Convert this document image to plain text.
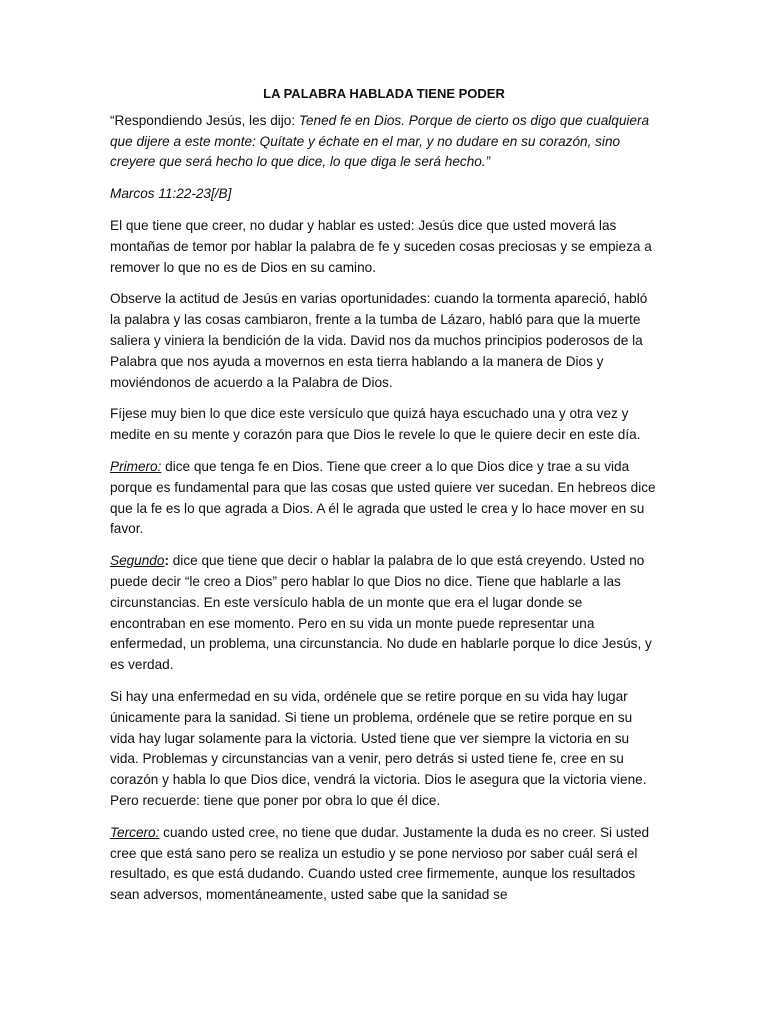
LA PALABRA HABLADA TIENE PODER

“Respondiendo Jesús, les dijo: Tened fe en Dios. Porque de cierto os digo que cualquiera que dijere a este monte: Quítate y échate en el mar, y no dudare en su corazón, sino creyere que será hecho lo que dice, lo que diga le será hecho.”

Marcos 11:22-23[/B]

El que tiene que creer, no dudar y hablar es usted: Jesús dice que usted moverá las montañas de temor por hablar la palabra de fe y suceden cosas preciosas y se empieza a remover lo que no es de Dios en su camino.

Observe la actitud de Jesús en varias oportunidades: cuando la tormenta apareció, habló la palabra y las cosas cambiaron, frente a la tumba de Lázaro, habló para que la muerte saliera y viniera la bendición de la vida. David nos da muchos principios poderosos de la Palabra que nos ayuda a movernos en esta tierra hablando a la manera de Dios y moviéndonos de acuerdo a la Palabra de Dios.

Fíjese muy bien lo que dice este versículo que quizá haya escuchado una y otra vez y medite en su mente y corazón para que Dios le revele lo que le quiere decir en este día.

Primero: dice que tenga fe en Dios. Tiene que creer a lo que Dios dice y trae a su vida porque es fundamental para que las cosas que usted quiere ver sucedan. En hebreos dice que la fe es lo que agrada a Dios. A él le agrada que usted le crea y lo hace mover en su favor.

Segundo: dice que tiene que decir o hablar la palabra de lo que está creyendo. Usted no puede decir “le creo a Dios” pero hablar lo que Dios no dice. Tiene que hablarle a las circunstancias. En este versículo habla de un monte que era el lugar donde se encontraban en ese momento. Pero en su vida un monte puede representar una enfermedad, un problema, una circunstancia. No dude en hablarle porque lo dice Jesús, y es verdad.

Si hay una enfermedad en su vida, ordénele que se retire porque en su vida hay lugar únicamente para la sanidad. Si tiene un problema, ordénele que se retire porque en su vida hay lugar solamente para la victoria. Usted tiene que ver siempre la victoria en su vida. Problemas y circunstancias van a venir, pero detrás si usted tiene fe, cree en su corazón y habla lo que Dios dice, vendrá la victoria. Dios le asegura que la victoria viene. Pero recuerde: tiene que poner por obra lo que él dice.

Tercero: cuando usted cree, no tiene que dudar. Justamente la duda es no creer. Si usted cree que está sano pero se realiza un estudio y se pone nervioso por saber cuál será el resultado, es que está dudando. Cuando usted cree firmemente, aunque los resultados sean adversos, momentáneamente, usted sabe que la sanidad se
